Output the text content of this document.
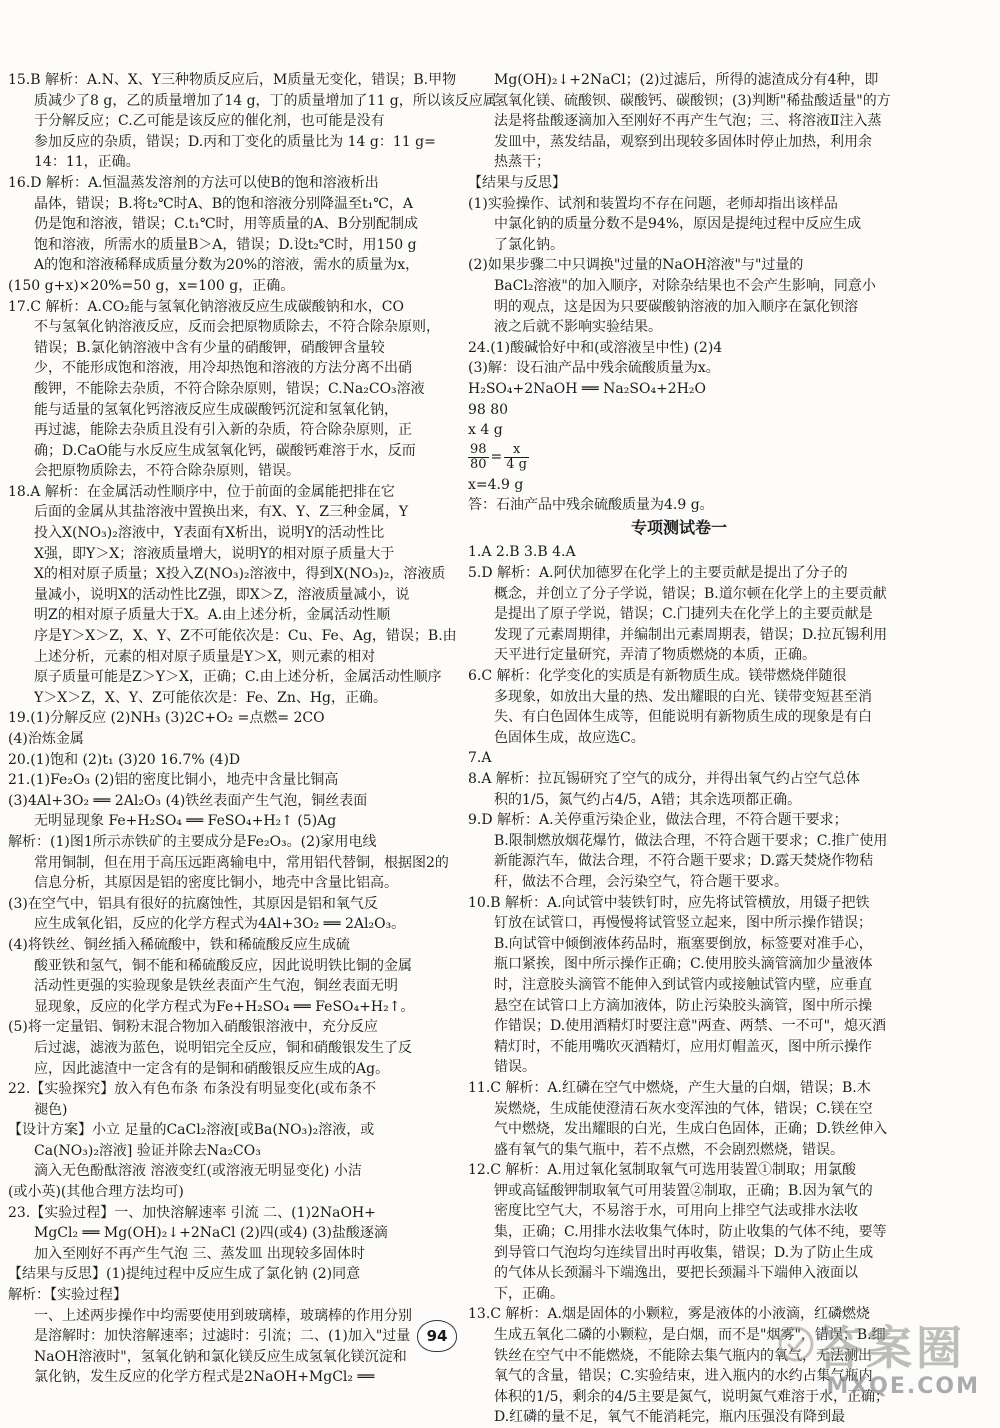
15.B 解析：A.N、X、Y三种物质反应后，M质量无变化，错误；B.甲物
质减少了8 g，乙的质量增加了14 g，丁的质量增加了11 g，所以该反应属
于分解反应；C.乙可能是该反应的催化剂，也可能是没有
参加反应的杂质，错误；D.丙和丁变化的质量比为 14 g：11 g=
14：11，正确。
16.D 解析：A.恒温蒸发溶剂的方法可以使B的饱和溶液析出
晶体，错误；B.将t₂℃时A、B的饱和溶液分别降温至t₁℃，A
仍是饱和溶液，错误；C.t₁℃时，用等质量的A、B分别配制成
饱和溶液，所需水的质量B＞A，错误；D.设t₂℃时，用150 g
A的饱和溶液稀释成质量分数为20%的溶液，需水的质量为x，
(150 g+x)×20%=50 g，x=100 g，正确。
17.C 解析：A.CO₂能与氢氧化钠溶液反应生成碳酸钠和水，CO
不与氢氧化钠溶液反应，反而会把原物质除去，不符合除杂原则，
错误；B.氯化钠溶液中含有少量的硝酸钾，硝酸钾含量较
少，不能形成饱和溶液，用冷却热饱和溶液的方法分离不出硝
酸钾，不能除去杂质，不符合除杂原则，错误；C.Na₂CO₃溶液
能与适量的氢氧化钙溶液反应生成碳酸钙沉淀和氢氧化钠，
再过滤，能除去杂质且没有引入新的杂质，符合除杂原则，正
确；D.CaO能与水反应生成氢氧化钙，碳酸钙难溶于水，反而
会把原物质除去，不符合除杂原则，错误。
18.A 解析：在金属活动性顺序中，位于前面的金属能把排在它
后面的金属从其盐溶液中置换出来，有X、Y、Z三种金属，Y
投入X(NO₃)₂溶液中，Y表面有X析出，说明Y的活动性比
X强，即Y＞X；溶液质量增大，说明Y的相对原子质量大于
X的相对原子质量；X投入Z(NO₃)₂溶液中，得到X(NO₃)₂，溶液质
量减小，说明X的活动性比Z强，即X＞Z，溶液质量减小，说
明Z的相对原子质量大于X。A.由上述分析，金属活动性顺
序是Y＞X＞Z，X、Y、Z不可能依次是：Cu、Fe、Ag，错误；B.由
上述分析，元素的相对原子质量是Y＞X，则元素的相对
原子质量可能是Z＞Y＞X，正确；C.由上述分析，金属活动性顺序
Y＞X＞Z，X、Y、Z可能依次是：Fe、Zn、Hg，正确。
19.(1)分解反应 (2)NH₃ (3)2C+O₂ =点燃= 2CO
(4)治炼金属
20.(1)饱和 (2)t₁ (3)20 16.7% (4)D
21.(1)Fe₂O₃ (2)铝的密度比铜小，地壳中含量比铜高
(3)4Al+3O₂ ══ 2Al₂O₃ (4)铁丝表面产生气泡，铜丝表面
无明显现象 Fe+H₂SO₄ ══ FeSO₄+H₂↑ (5)Ag
解析：(1)图1所示赤铁矿的主要成分是Fe₂O₃。(2)家用电线
常用铜制，但在用于高压远距离输电中，常用铝代替铜，根据图2的
信息分析，其原因是铝的密度比铜小，地壳中含量比铝高。
(3)在空气中，铝具有很好的抗腐蚀性，其原因是铝和氧气反
应生成氧化铝，反应的化学方程式为4Al+3O₂ ══ 2Al₂O₃。
(4)将铁丝、铜丝插入稀硫酸中，铁和稀硫酸反应生成硫
酸亚铁和氢气，铜不能和稀硫酸反应，因此说明铁比铜的金属
活动性更强的实验现象是铁丝表面产生气泡，铜丝表面无明
显现象，反应的化学方程式为Fe+H₂SO₄ ══ FeSO₄+H₂↑。
(5)将一定量铝、铜粉末混合物加入硝酸银溶液中，充分反应
后过滤，滤液为蓝色，说明铝完全反应，铜和硝酸银发生了反
应，因此滤渣中一定含有的是铜和硝酸银反应生成的Ag。
22.【实验探究】放入有色布条 布条没有明显变化(或布条不
褪色)
【设计方案】小立 足量的CaCl₂溶液[或Ba(NO₃)₂溶液，或
Ca(NO₃)₂溶液] 验证并除去Na₂CO₃
滴入无色酚酞溶液 溶液变红(或溶液无明显变化) 小洁
(或小英)(其他合理方法均可)
23.【实验过程】一、加快溶解速率 引流 二、(1)2NaOH+
MgCl₂ ══ Mg(OH)₂↓+2NaCl (2)四(或4) (3)盐酸逐滴
加入至刚好不再产生气泡 三、蒸发皿 出现较多固体时
【结果与反思】(1)提纯过程中反应生成了氯化钠 (2)同意
解析：【实验过程】
一、上述两步操作中均需要使用到玻璃棒，玻璃棒的作用分别
是溶解时：加快溶解速率；过滤时：引流；二、(1)加入"过量
NaOH溶液时"，氢氧化钠和氯化镁反应生成氢氧化镁沉淀和
氯化钠，发生反应的化学方程式是2NaOH+MgCl₂ ══
Mg(OH)₂↓+2NaCl；(2)过滤后，所得的滤渣成分有4种，即
氢氧化镁、硫酸钡、碳酸钙、碳酸钡；(3)判断"稀盐酸适量"的方
法是将盐酸逐滴加入至刚好不再产生气泡；三、将溶液Ⅱ注入蒸
发皿中，蒸发结晶，观察到出现较多固体时停止加热，利用余
热蒸干；
【结果与反思】
(1)实验操作、试剂和装置均不存在问题，老师却指出该样品
中氯化钠的质量分数不是94%，原因是提纯过程中反应生成
了氯化钠。
(2)如果步骤二中只调换"过量的NaOH溶液"与"过量的
BaCl₂溶液"的加入顺序，对除杂结果也不会产生影响，同意小
明的观点，这是因为只要碳酸钠溶液的加入顺序在氯化钡溶
液之后就不影响实验结果。
24.(1)酸碱恰好中和(或溶液呈中性) (2)4
(3)解：设石油产品中残余硫酸质量为x。
H₂SO₄+2NaOH ══ Na₂SO₄+2H₂O
98 80
x 4 g
$\frac{98}{80} = \frac{x}{4 g}$
x=4.9 g
答：石油产品中残余硫酸质量为4.9 g。
专项测试卷一
1.A 2.B 3.B 4.A
5.D 解析：A.阿伏加德罗在化学上的主要贡献是提出了分子的
概念，并创立了分子学说，错误；B.道尔顿在化学上的主要贡献
是提出了原子学说，错误；C.门捷列夫在化学上的主要贡献是
发现了元素周期律，并编制出元素周期表，错误；D.拉瓦锡利用
天平进行定量研究，弄清了物质燃烧的本质，正确。
6.C 解析：化学变化的实质是有新物质生成。镁带燃烧伴随很
多现象，如放出大量的热、发出耀眼的白光、镁带变短甚至消
失、有白色固体生成等，但能说明有新物质生成的现象是有白
色固体生成，故应选C。
7.A
8.A 解析：拉瓦锡研究了空气的成分，并得出氧气约占空气总体
积的1/5，氮气约占4/5，A错；其余选项都正确。
9.D 解析：A.关停重污染企业，做法合理，不符合题干要求；
B.限制燃放烟花爆竹，做法合理，不符合题干要求；C.推广使用
新能源汽车，做法合理，不符合题干要求；D.露天焚烧作物秸
秆，做法不合理，会污染空气，符合题干要求。
10.B 解析：A.向试管中装铁钉时，应先将试管横放，用镊子把铁
钉放在试管口，再慢慢将试管竖立起来，图中所示操作错误；
B.向试管中倾倒液体药品时，瓶塞要倒放，标签要对准手心，
瓶口紧挨，图中所示操作正确；C.使用胶头滴管滴加少量液体
时，注意胶头滴管不能伸入到试管内或接触试管内壁，应垂直
悬空在试管口上方滴加液体，防止污染胶头滴管，图中所示操
作错误；D.使用酒精灯时要注意"两查、两禁、一不可"，熄灭酒
精灯时，不能用嘴吹灭酒精灯，应用灯帽盖灭，图中所示操作
错误。
11.C 解析：A.红磷在空气中燃烧，产生大量的白烟，错误；B.木
炭燃烧，生成能使澄清石灰水变浑浊的气体，错误；C.镁在空
气中燃烧，发出耀眼的白光，生成白色固体，正确；D.铁丝伸入
盛有氧气的集气瓶中，若不点燃，不会剧烈燃烧，错误。
12.C 解析：A.用过氧化氢制取氧气可选用装置①制取；用氯酸
钾或高锰酸钾制取氧气可用装置②制取，正确；B.因为氧气的
密度比空气大，不易溶于水，可用向上排空气法或排水法收
集，正确；C.用排水法收集气体时，防止收集的气体不纯，要等
到导管口气泡均匀连续冒出时再收集，错误；D.为了防止生成
的气体从长颈漏斗下端逸出，要把长颈漏斗下端伸入液面以
下，正确。
13.C 解析：A.烟是固体的小颗粒，雾是液体的小液滴，红磷燃烧
生成五氧化二磷的小颗粒，是白烟，而不是"烟雾"，错误；B.细
铁丝在空气中不能燃烧，不能除去集气瓶内的氧气，无法测出
氧气的含量，错误；C.实验结束，进入瓶内的水约占集气瓶内
体积的1/5，剩余的4/5主要是氮气，说明氮气难溶于水，正确；
D.红磷的量不足，氧气不能消耗完，瓶内压强没有降到最
94	答案圈
MXQE.COM
